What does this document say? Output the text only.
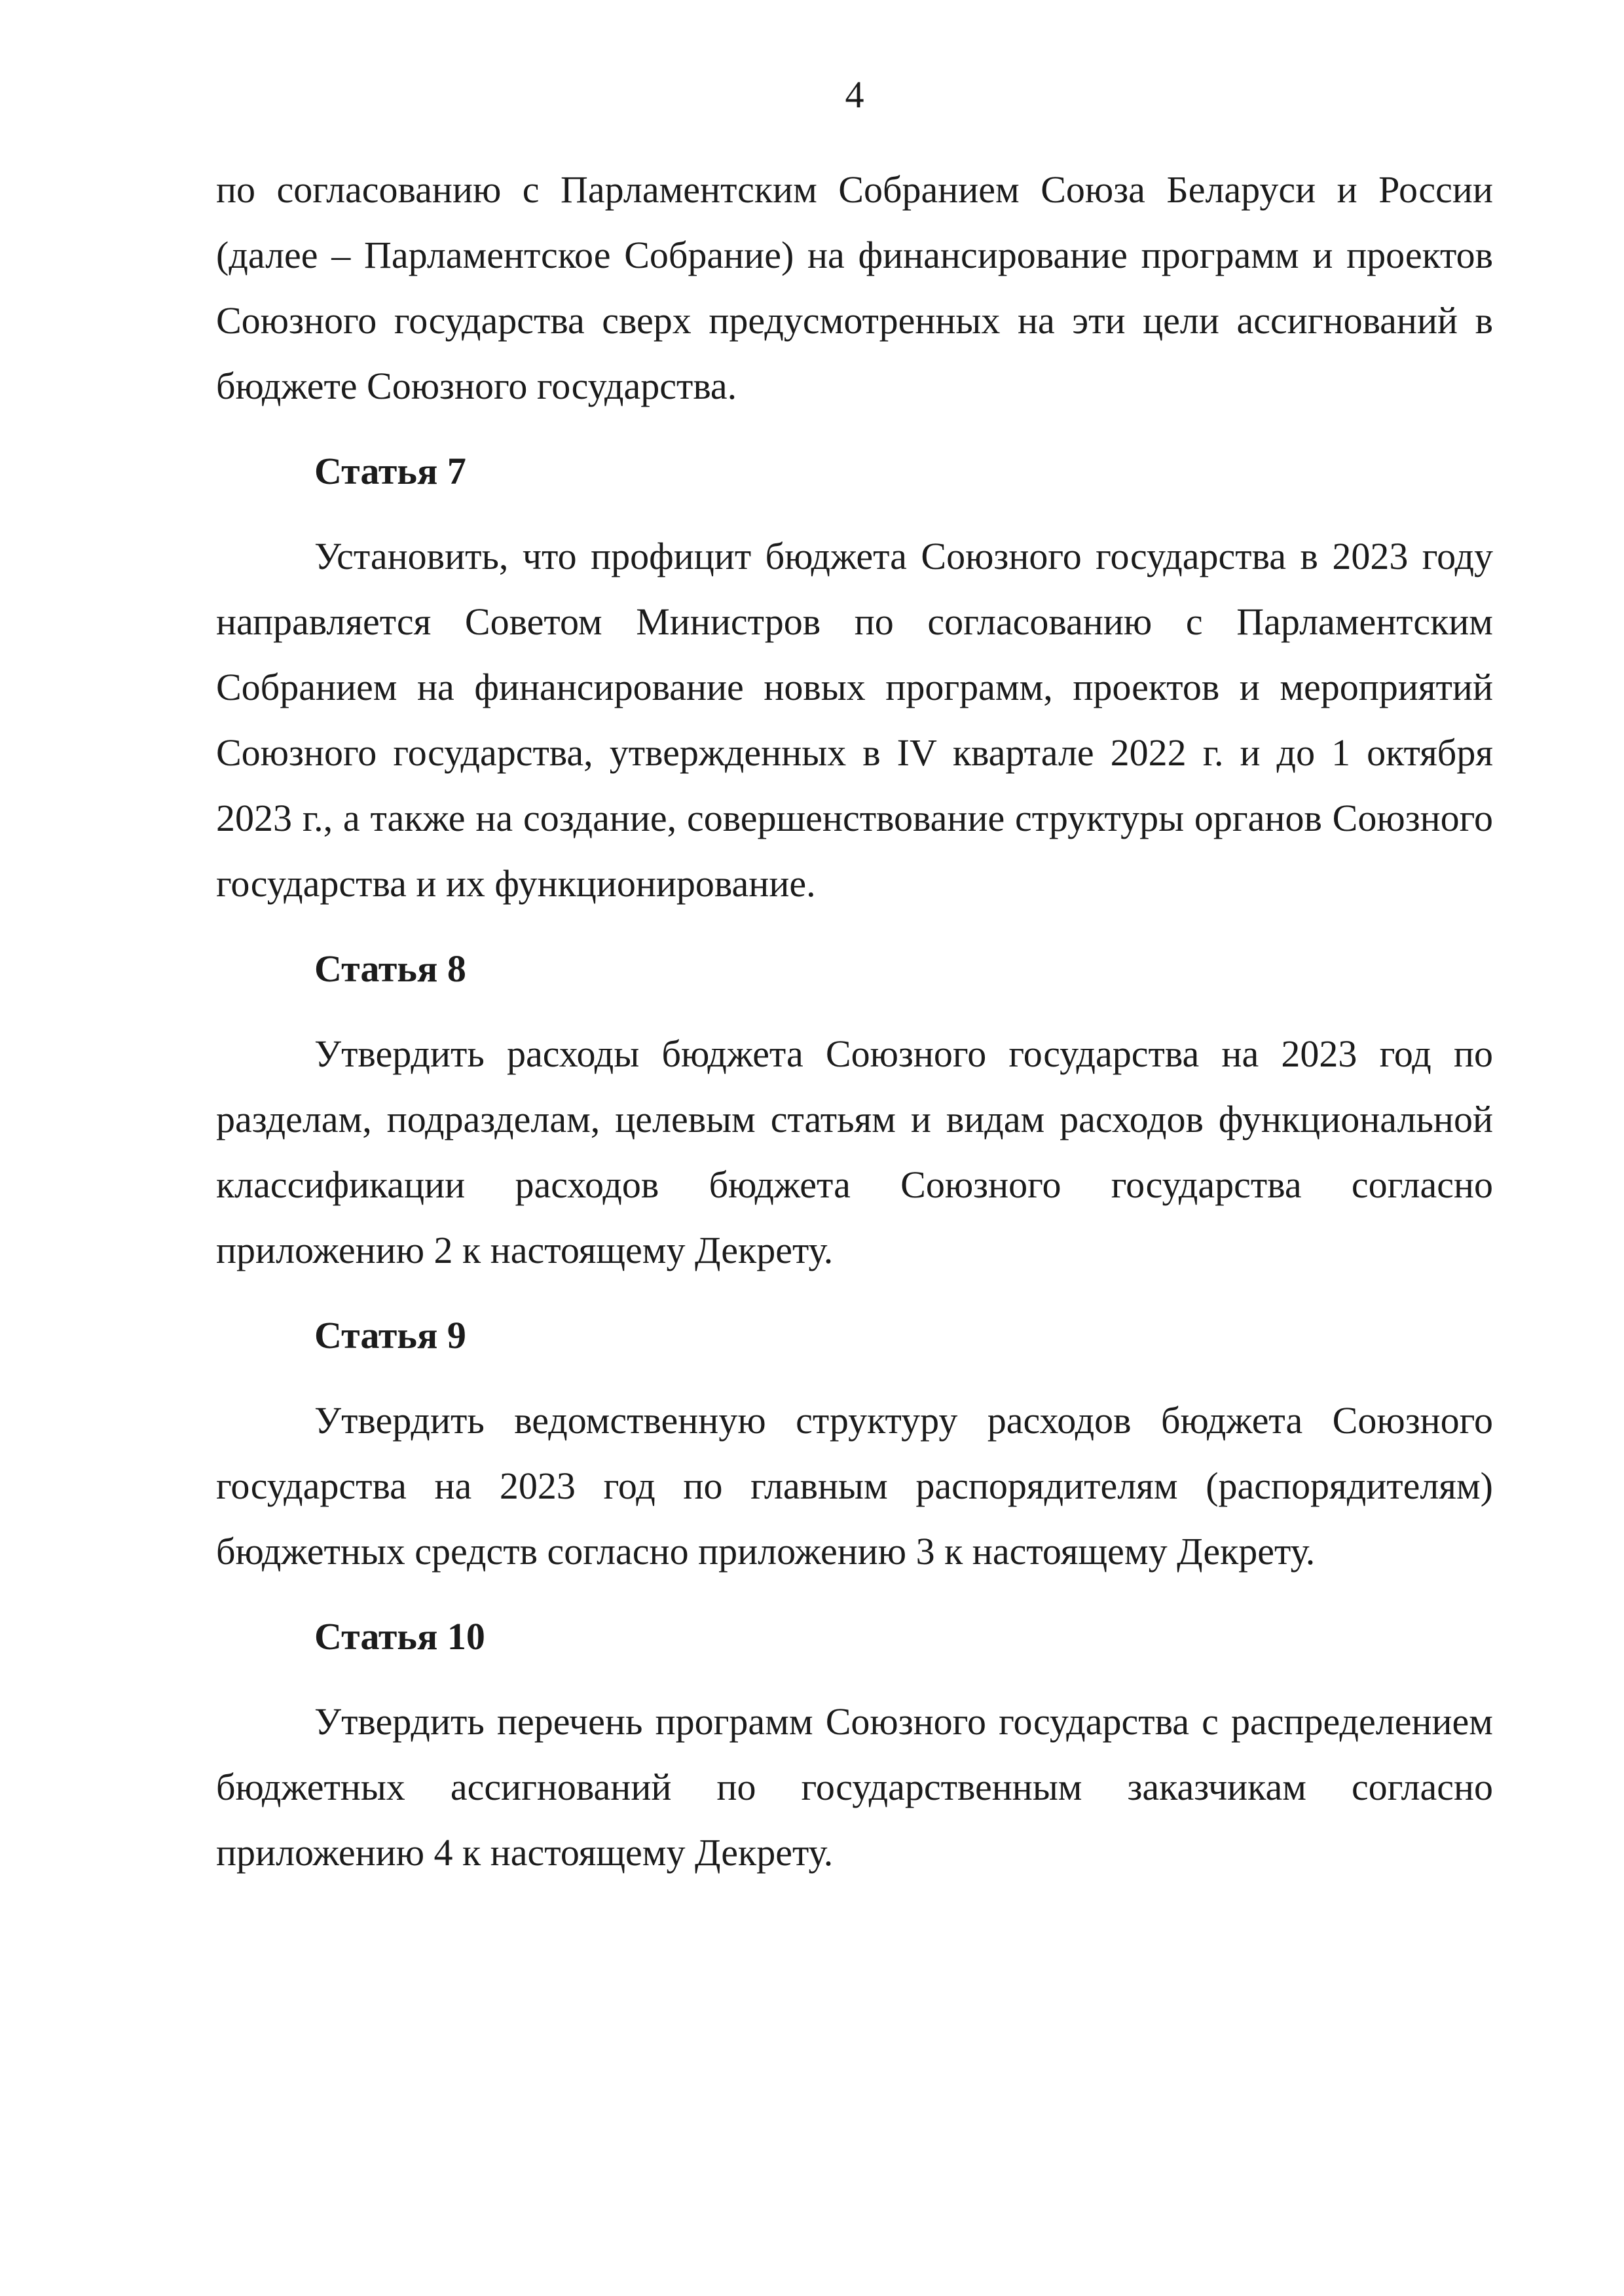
4

по согласованию с Парламентским Собранием Союза Беларуси и России (далее – Парламентское Собрание) на финансирование программ и проектов Союзного государства сверх предусмотренных на эти цели ассигнований в бюджете Союзного государства.

Статья 7

Установить, что профицит бюджета Союзного государства в 2023 году направляется Советом Министров по согласованию с Парламентским Собранием на финансирование новых программ, проектов и мероприятий Союзного государства, утвержденных в IV квартале 2022 г. и до 1 октября 2023 г., а также на создание, совершенствование структуры органов Союзного государства и их функционирование.

Статья 8

Утвердить расходы бюджета Союзного государства на 2023 год по разделам, подразделам, целевым статьям и видам расходов функциональной классификации расходов бюджета Союзного государства согласно приложению 2 к настоящему Декрету.

Статья 9

Утвердить ведомственную структуру расходов бюджета Союзного государства на 2023 год по главным распорядителям (распорядителям) бюджетных средств согласно приложению 3 к настоящему Декрету.

Статья 10

Утвердить перечень программ Союзного государства с распределением бюджетных ассигнований по государственным заказчикам согласно приложению 4 к настоящему Декрету.
